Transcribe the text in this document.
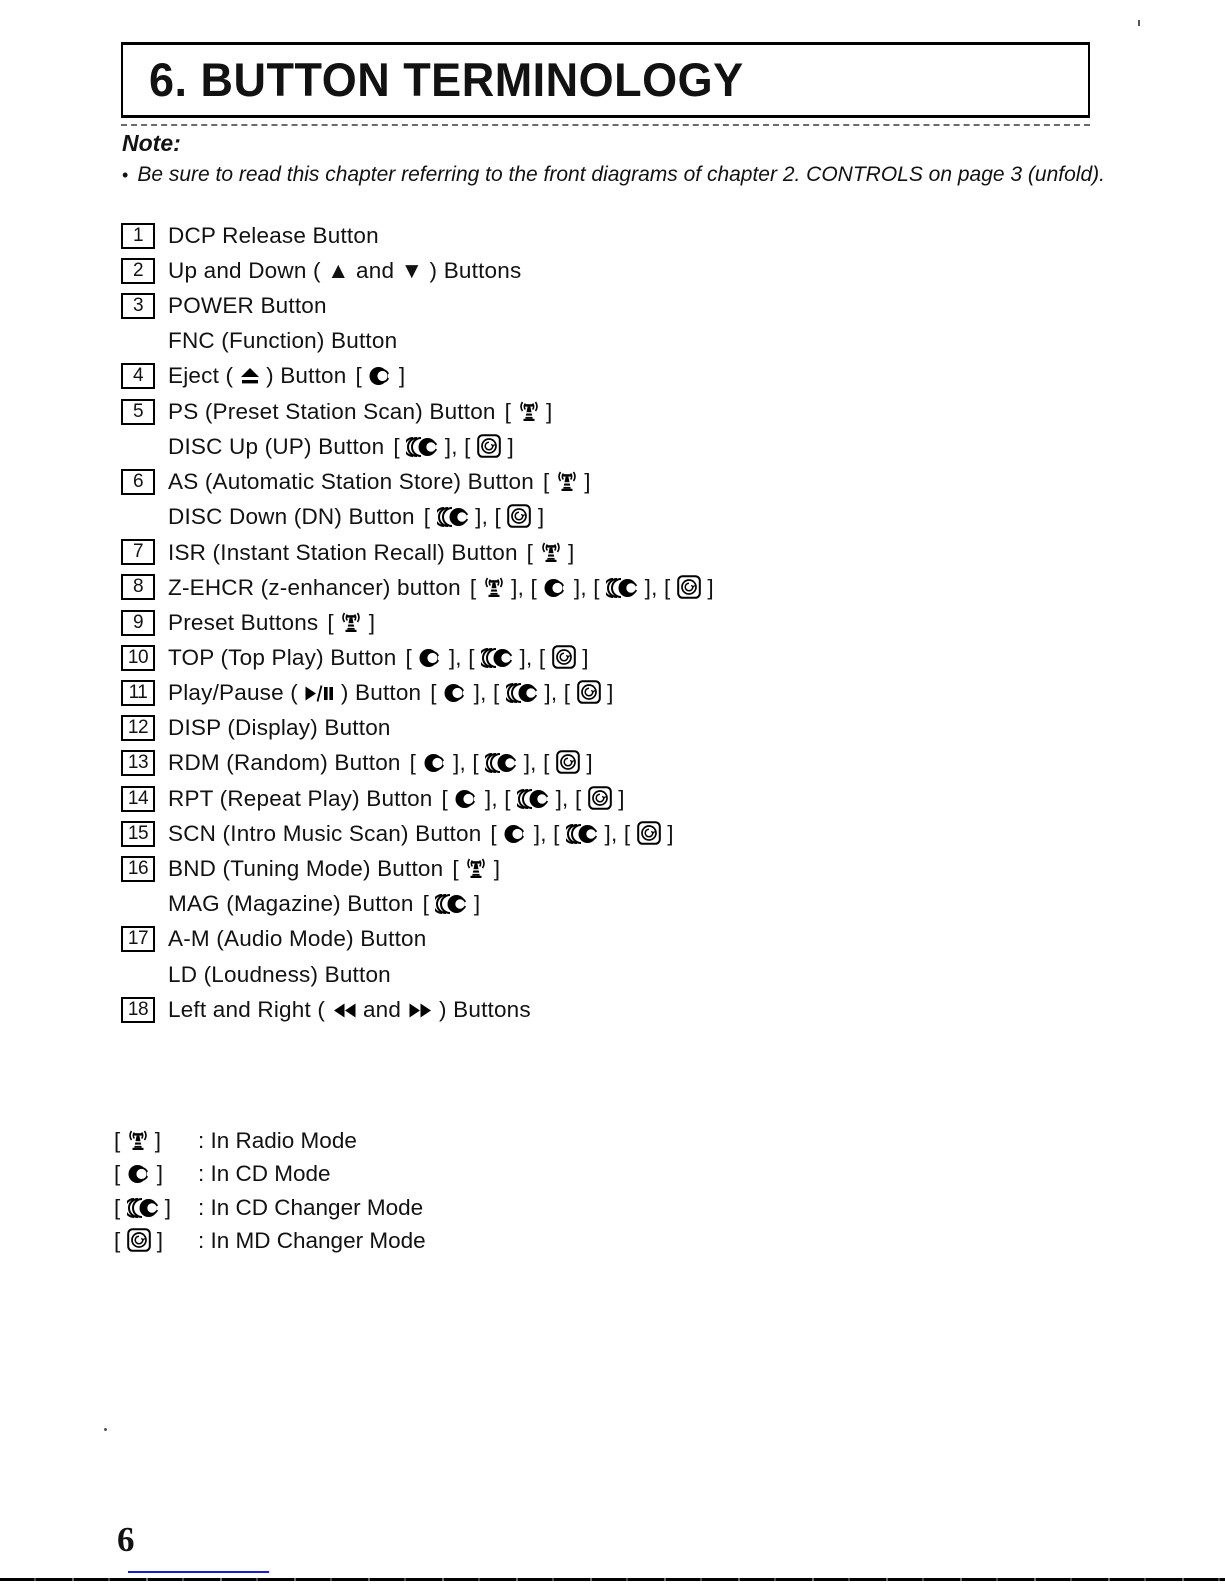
6. BUTTON TERMINOLOGY
Note:
• Be sure to read this chapter referring to the front diagrams of chapter 2. CONTROLS on page 3 (unfold).
1	DCP Release Button
2	Up and Down ( ▲ and ▼ ) Buttons
3	POWER Button
FNC (Function) Button
4	Eject (  ) Button [  ]
5	PS (Preset Station Scan) Button [  ]
DISC Up (UP) Button [  ], [  ]
6	AS (Automatic Station Store) Button [  ]
DISC Down (DN) Button [  ], [  ]
7	ISR (Instant Station Recall) Button [  ]
8	Z-EHCR (z-enhancer) button [  ], [  ], [  ], [  ]
9	Preset Buttons [  ]
10 TOP (Top Play) Button [  ], [  ], [  ]
11 Play/Pause (  ) Button [  ], [  ], [  ]
12 DISP (Display) Button
13 RDM (Random) Button [  ], [  ], [  ]
14 RPT (Repeat Play) Button [  ], [  ], [  ]
15 SCN (Intro Music Scan) Button [  ], [  ], [  ]
16 BND (Tuning Mode) Button [  ]
MAG (Magazine) Button [  ]
17 A-M (Audio Mode) Button
LD (Loudness) Button
18 Left and Right (  and  ) Buttons
[  ]	: In Radio Mode
[  ]	: In CD Mode
[  ]	: In CD Changer Mode
[  ]	: In MD Changer Mode
6
